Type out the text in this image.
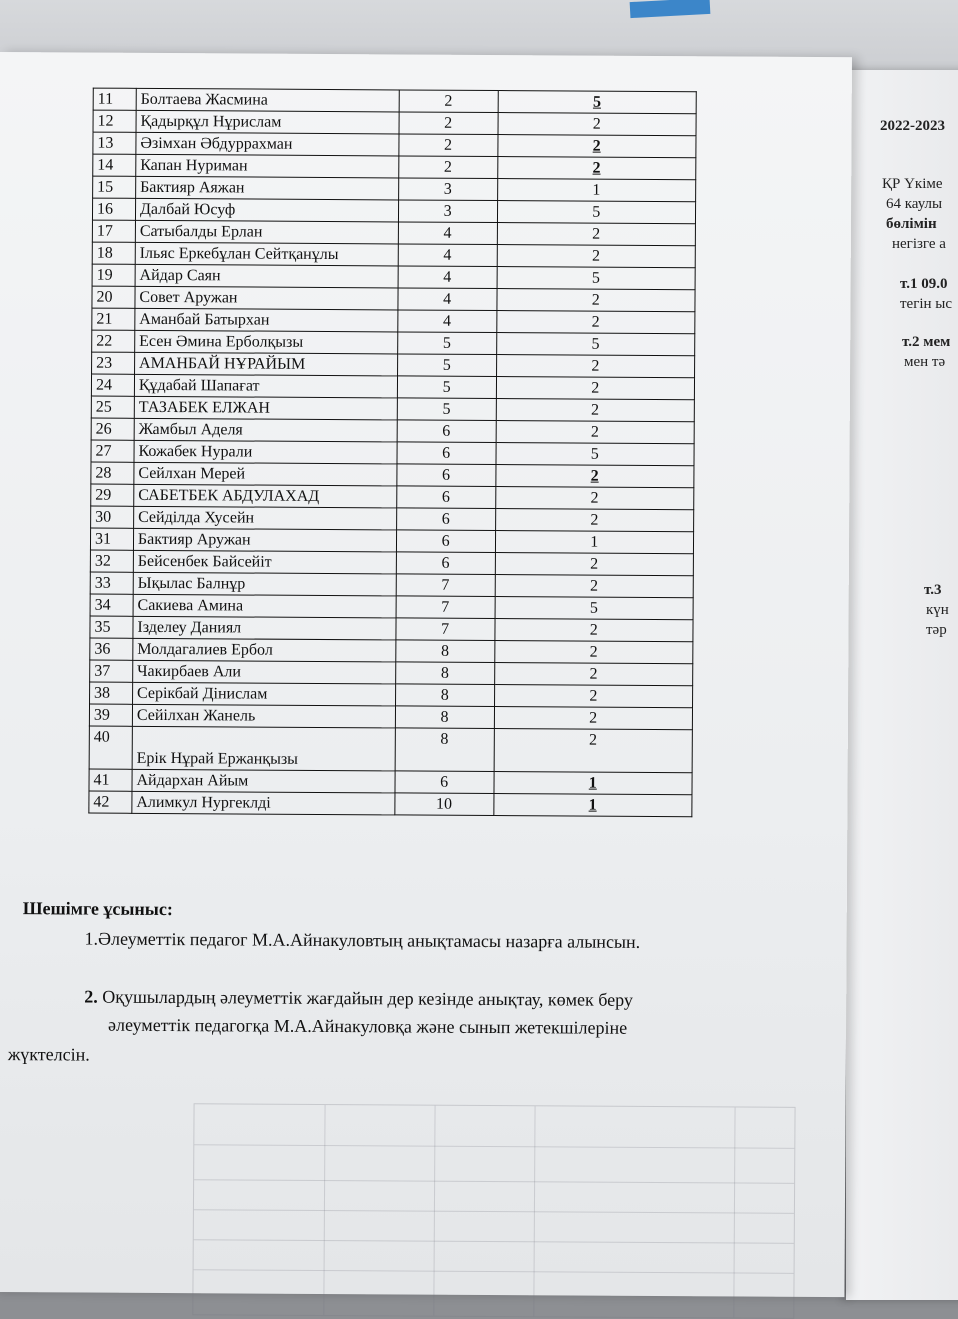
2022-2023
ҚР Үкіме
64 каулы
бөлімін
негізге а
т.1 09.0
тегін ыс
т.2 мем
мен тә
т.3
күн
тәр
11	Болтаева Жасмина	2	5
12	Қадырқұл Нұрислам	2	2
13	Әзімхан Әбдуррахман	2	2
14	Капан Нуриман	2	2
15	Бактияр Аяжан	3	1
16	Далбай Юсуф	3	5
17	Сатыбалды Ерлан	4	2
18	Ільяс Еркебұлан Сейтқанұлы	4	2
19	Айдар Саян	4	5
20	Совет Аружан	4	2
21	Аманбай Батырхан	4	2
22	Есен Әмина Ерболқызы	5	5
23	АМАНБАЙ НҰРАЙЫМ	5	2
24	Құдабай Шапағат	5	2
25	ТАЗАБЕК ЕЛЖАН	5	2
26	Жамбыл Аделя	6	2
27	Кожабек Нурали	6	5
28	Сейлхан Мерей	6	2
29	САБЕТБЕК АБДУЛАХАД	6	2
30	Сейділда Хусейн	6	2
31	Бактияр Аружан	6	1
32	Бейсенбек Байсейіт	6	2
33	Ықылас Балнұр	7	2
34	Сакиева Амина	7	5
35	Ізделеу Даниял	7	2
36	Молдагалиев Ербол	8	2
37	Чакирбаев Али	8	2
38	Серікбай Дінислам	8	2
39	Сейілхан Жанель	8	2
40	Ерік Нұрай Ержанқызы	8	2
41	Айдархан Айым	6	1
42	Алимкул Нургеклді	10	1
Шешімге ұсыныс:
1.Әлеуметтік педагог М.А.Айнакуловтың анықтамасы назарға алынсын.
2. Оқушылардың әлеуметтік жағдайын дер кезінде анықтау, көмек беру
әлеуметтік педагогқа М.А.Айнакуловқа және сынып жетекшілеріне
жүктелсін.
